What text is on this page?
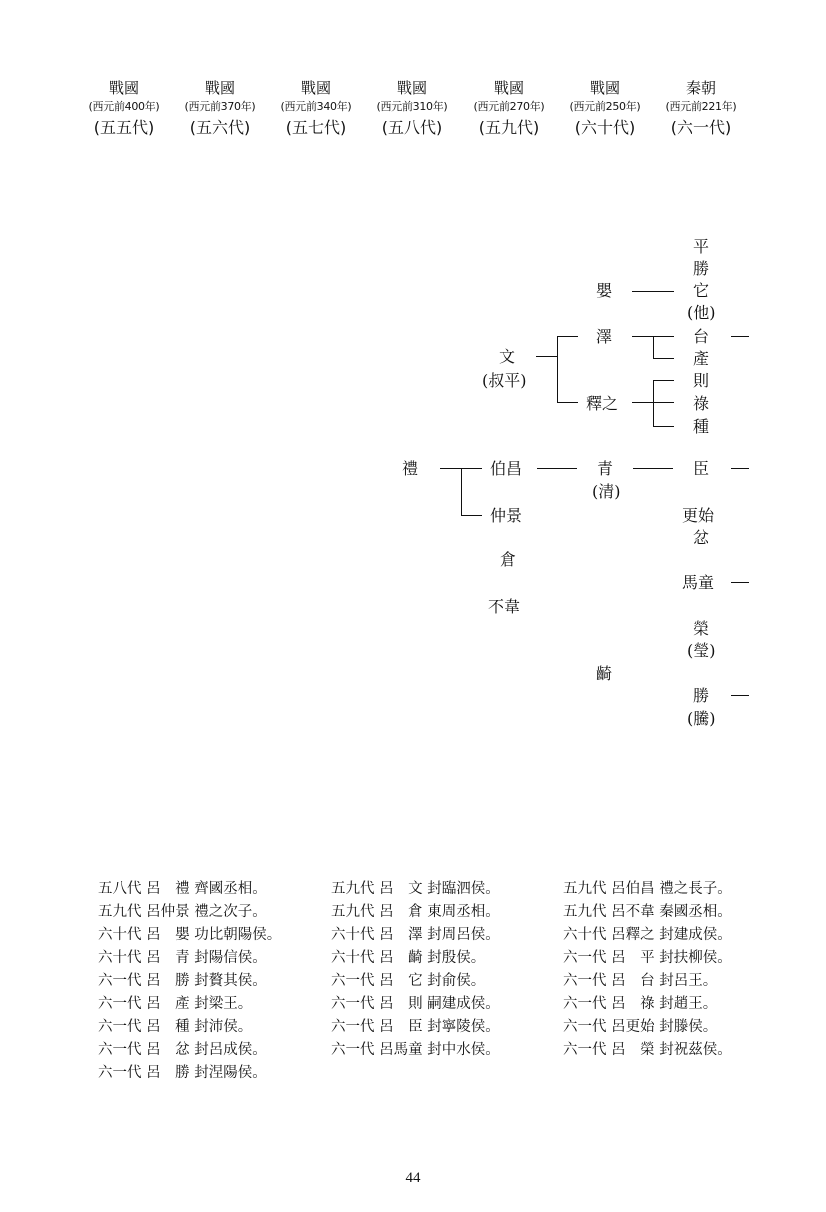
戰國
(西元前400年)
(五五代)
戰國
(西元前370年)
(五六代)
戰國
(西元前340年)
(五七代)
戰國
(西元前310年)
(五八代)
戰國
(西元前270年)
(五九代)
戰國
(西元前250年)
(六十代)
秦朝
(西元前221年)
(六一代)
禮
文
(叔平)
伯昌
仲景
倉
不韋
嬰
澤
釋之
青
(清)
齮
平勝它
(他)
台
產
則
祿
種
臣
更始
忿
馬童
榮
(瑩)
勝
(騰)
五八代 呂　禮 齊國丞相。
五九代 呂仲景 禮之次子。
六十代 呂　嬰 功比朝陽侯。
六十代 呂　青 封陽信侯。
六一代 呂　勝 封贅其侯。
六一代 呂　產 封梁王。
六一代 呂　種 封沛侯。
六一代 呂　忿 封呂成侯。
六一代 呂　勝 封涅陽侯。
五九代 呂　文 封臨泗侯。
五九代 呂　倉 東周丞相。
六十代 呂　澤 封周呂侯。
六十代 呂　齮 封殷侯。
六一代 呂　它 封俞侯。
六一代 呂　則 嗣建成侯。
六一代 呂　臣 封寧陵侯。
六一代 呂馬童 封中水侯。
五九代 呂伯昌 禮之長子。
五九代 呂不韋 秦國丞相。
六十代 呂釋之 封建成侯。
六一代 呂　平 封扶柳侯。
六一代 呂　台 封呂王。
六一代 呂　祿 封趙王。
六一代 呂更始 封滕侯。
六一代 呂　榮 封祝茲侯。
44
